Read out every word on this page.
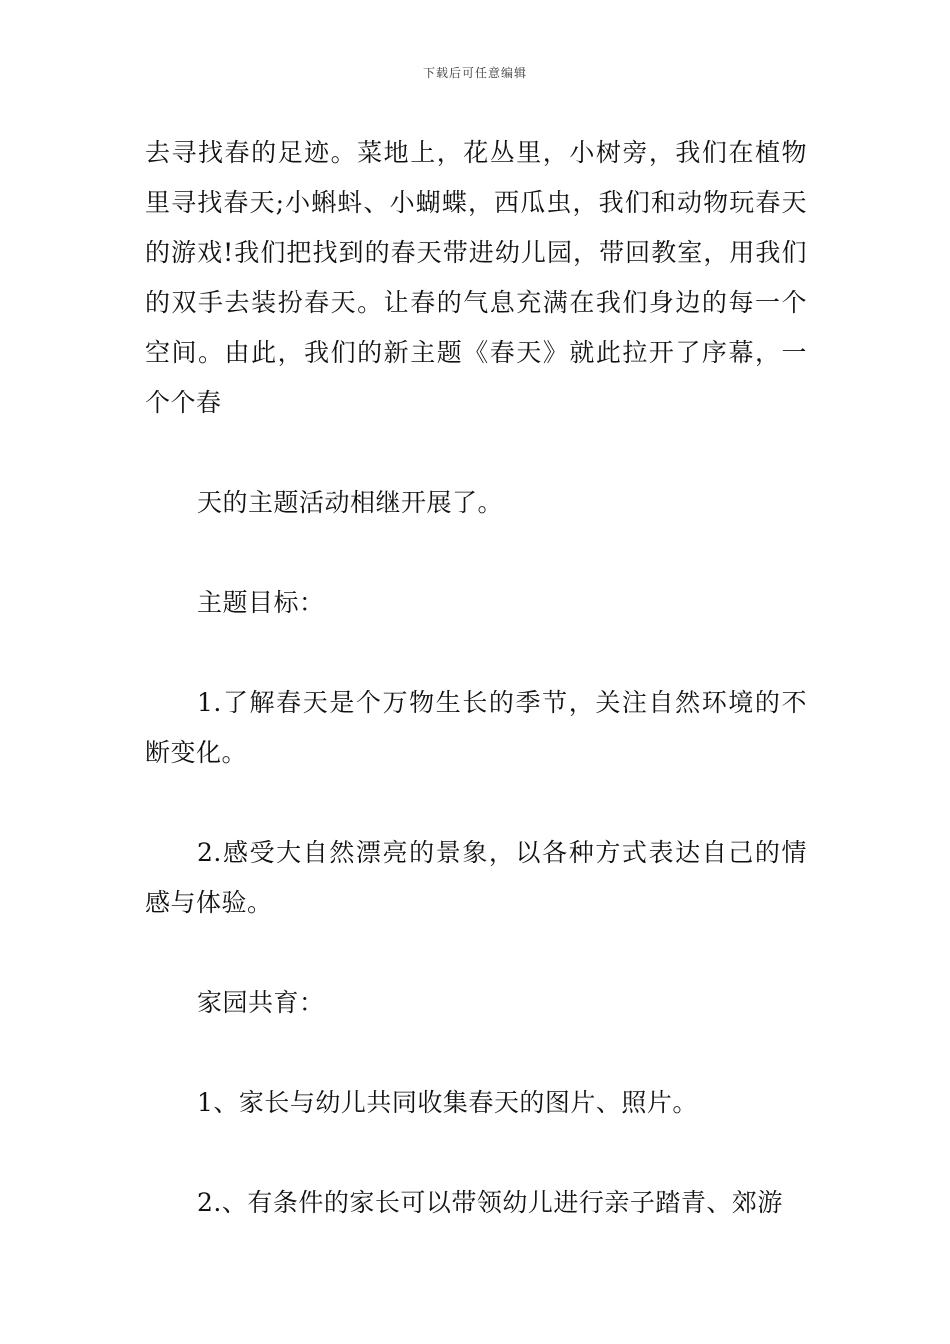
下载后可任意编辑

去寻找春的足迹。菜地上，花丛里，小树旁，我们在植物里寻找春天;小蝌蚪、小蝴蝶，西瓜虫，我们和动物玩春天的游戏!我们把找到的春天带进幼儿园，带回教室，用我们的双手去装扮春天。让春的气息充满在我们身边的每一个空间。由此，我们的新主题《春天》就此拉开了序幕，一个个春

天的主题活动相继开展了。

主题目标：

1.了解春天是个万物生长的季节，关注自然环境的不断变化。

2.感受大自然漂亮的景象，以各种方式表达自己的情感与体验。

家园共育：

1、家长与幼儿共同收集春天的图片、照片。

2.、有条件的家长可以带领幼儿进行亲子踏青、郊游
